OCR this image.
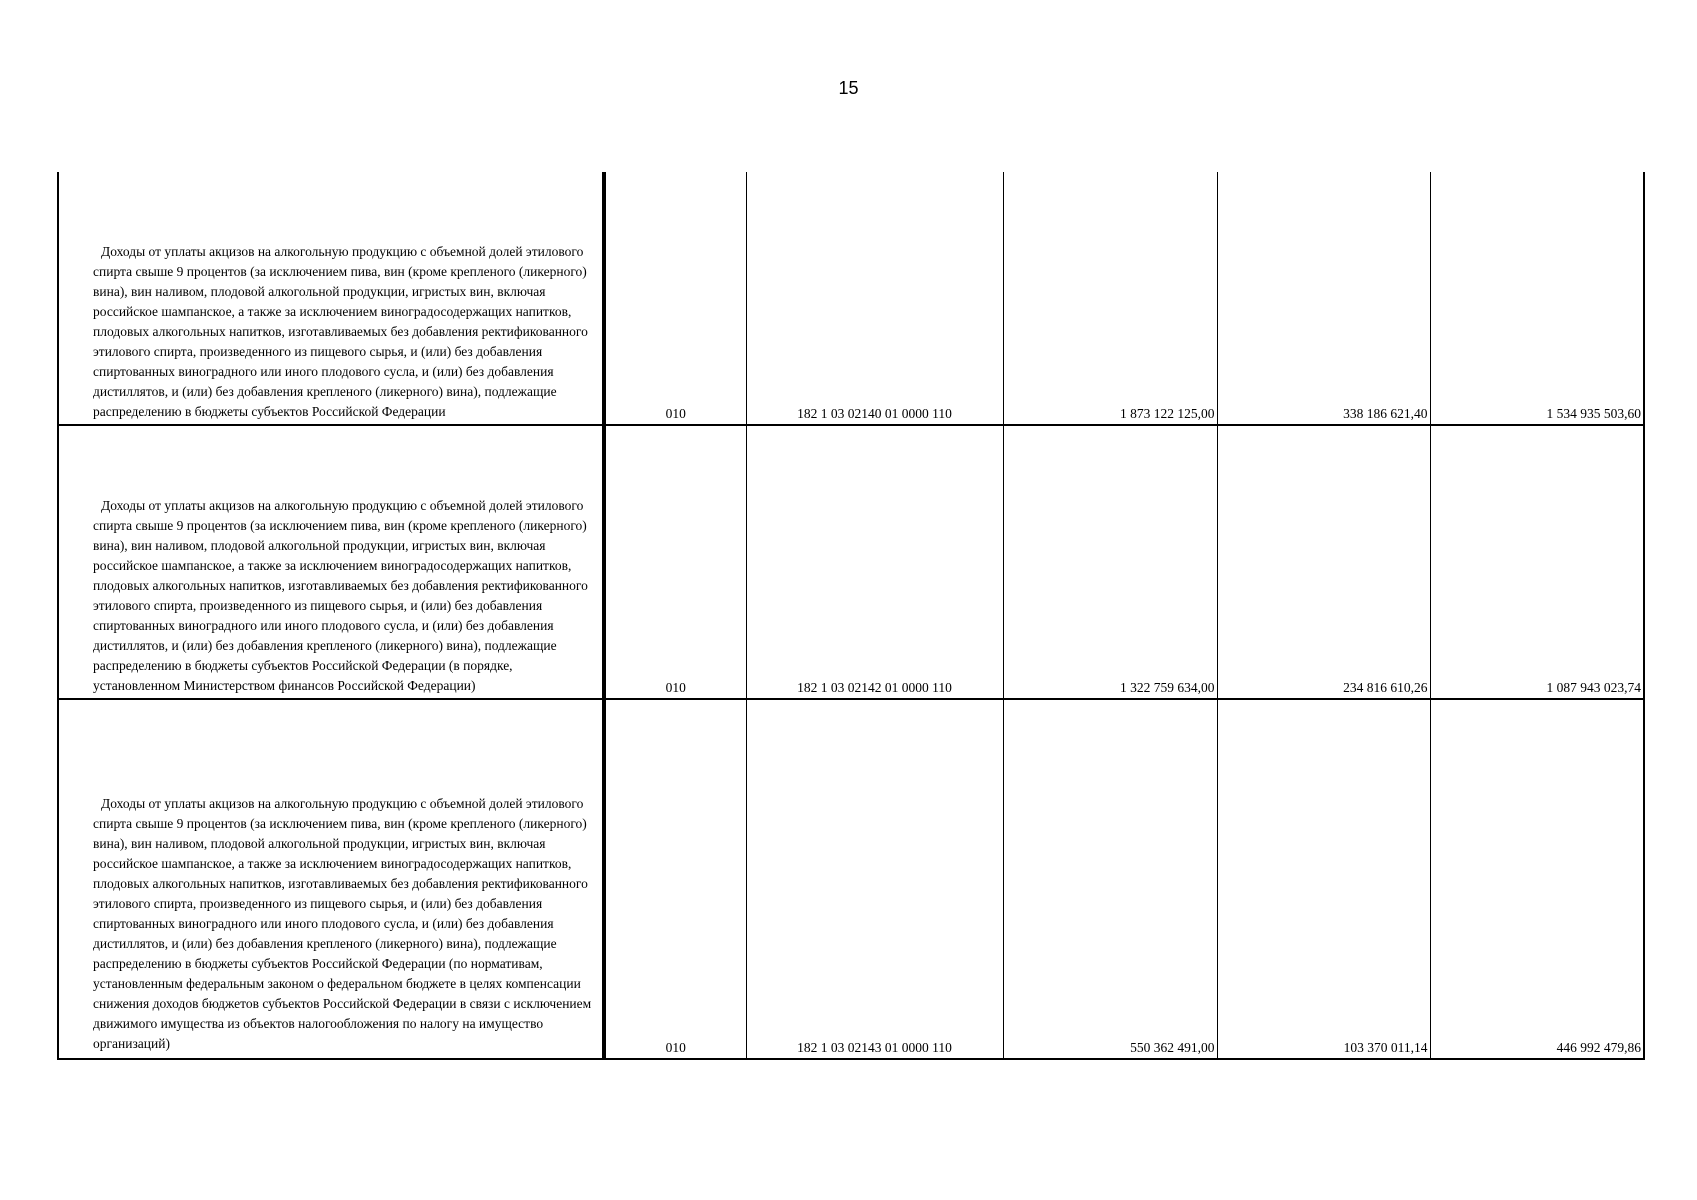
15
Доходы от уплаты акцизов на алкогольную продукцию с объемной долей этилового спирта свыше 9 процентов (за исключением пива, вин (кроме крепленого (ликерного) вина), вин наливом, плодовой алкогольной продукции, игристых вин, включая российское шампанское, а также за исключением виноградосодержащих напитков, плодовых алкогольных напитков, изготавливаемых без добавления ректификованного этилового спирта, произведенного из пищевого сырья, и (или) без добавления спиртованных виноградного или иного плодового сусла, и (или) без добавления дистиллятов, и (или) без добавления крепленого (ликерного) вина), подлежащие распределению в бюджеты субъектов Российской Федерации	010	182 1 03 02140 01 0000 110	1 873 122 125,00	338 186 621,40	1 534 935 503,60

Доходы от уплаты акцизов на алкогольную продукцию с объемной долей этилового спирта свыше 9 процентов (за исключением пива, вин (кроме крепленого (ликерного) вина), вин наливом, плодовой алкогольной продукции, игристых вин, включая российское шампанское, а также за исключением виноградосодержащих напитков, плодовых алкогольных напитков, изготавливаемых без добавления ректификованного этилового спирта, произведенного из пищевого сырья, и (или) без добавления спиртованных виноградного или иного плодового сусла, и (или) без добавления дистиллятов, и (или) без добавления крепленого (ликерного) вина), подлежащие распределению в бюджеты субъектов Российской Федерации (в порядке, установленном Министерством финансов Российской Федерации)	010	182 1 03 02142 01 0000 110	1 322 759 634,00	234 816 610,26	1 087 943 023,74

Доходы от уплаты акцизов на алкогольную продукцию с объемной долей этилового спирта свыше 9 процентов (за исключением пива, вин (кроме крепленого (ликерного) вина), вин наливом, плодовой алкогольной продукции, игристых вин, включая российское шампанское, а также за исключением виноградосодержащих напитков, плодовых алкогольных напитков, изготавливаемых без добавления ректификованного этилового спирта, произведенного из пищевого сырья, и (или) без добавления спиртованных виноградного или иного плодового сусла, и (или) без добавления дистиллятов, и (или) без добавления крепленого (ликерного) вина), подлежащие распределению в бюджеты субъектов Российской Федерации (по нормативам, установленным федеральным законом о федеральном бюджете в целях компенсации снижения доходов бюджетов субъектов Российской Федерации в связи с исключением движимого имущества из объектов налогообложения по налогу на имущество организаций)	010	182 1 03 02143 01 0000 110	550 362 491,00	103 370 011,14	446 992 479,86
